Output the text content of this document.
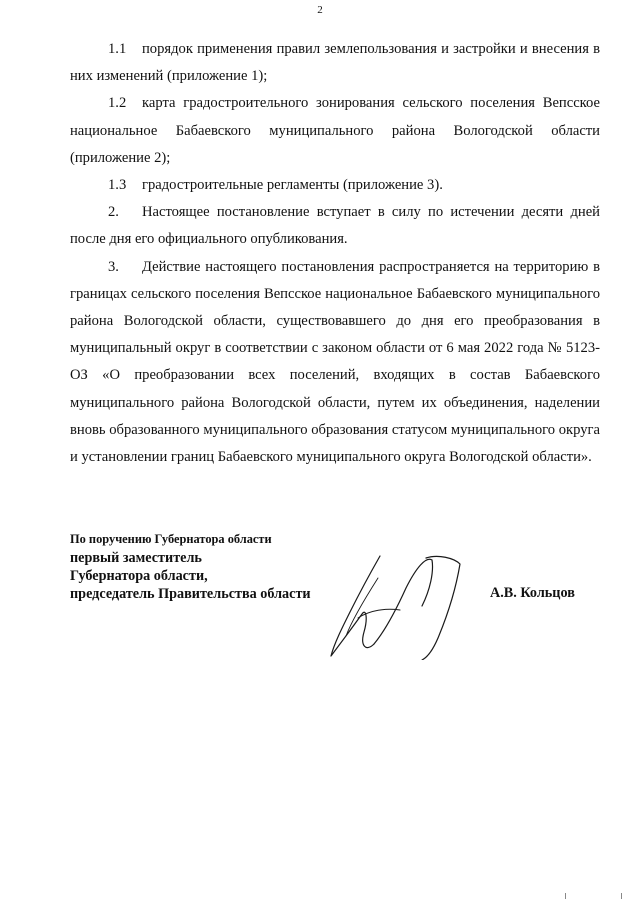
2

1.1 порядок применения правил землепользования и застройки и внесения в них изменений (приложение 1);

1.2 карта градостроительного зонирования сельского поселения Вепсское национальное Бабаевского муниципального района Вологодской области (приложение 2);

1.3 градостроительные регламенты (приложение 3).

2. Настоящее постановление вступает в силу по истечении десяти дней после дня его официального опубликования.

3. Действие настоящего постановления распространяется на территорию в границах сельского поселения Вепсское национальное Бабаевского муниципального района Вологодской области, существовавшего до дня его преобразования в муниципальный округ в соответствии с законом области от 6 мая 2022 года № 5123-ОЗ «О преобразовании всех поселений, входящих в состав Бабаевского муниципального района Вологодской области, путем их объединения, наделении вновь образованного муниципального образования статусом муниципального округа и установлении границ Бабаевского муниципального округа Вологодской области».

По поручению Губернатора области
первый заместитель
Губернатора области,
председатель Правительства области	А.В. Кольцов
